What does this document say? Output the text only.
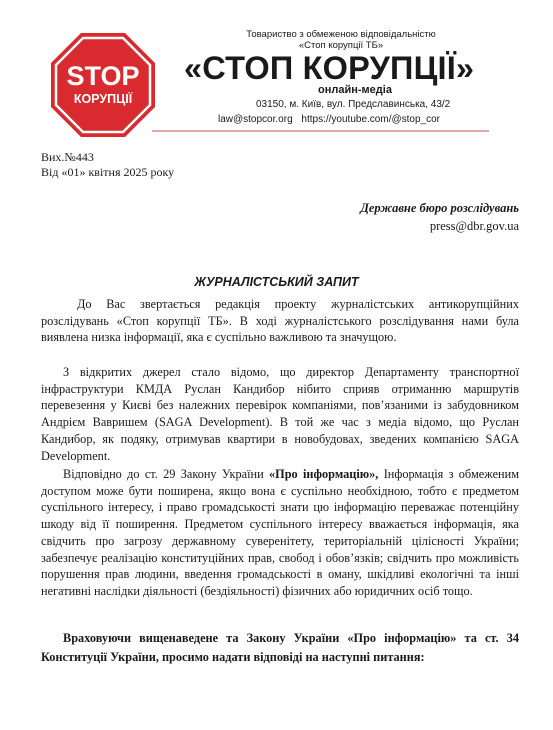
STOP
КОРУПЦІЇ
Товариство з обмеженою відповідальністю
«Стоп корупції ТБ»
«СТОП КОРУПЦІЇ»
онлайн-медіа
03150, м. Київ, вул. Предславинська, 43/2
law@stopcor.org https://youtube.com/@stop_cor
Вих.№443
Від «01» квітня 2025 року
Державне бюро розслідувань
press@dbr.gov.ua
ЖУРНАЛІСТСЬКИЙ ЗАПИТ

До Вас звертається редакція проекту журналістських антикорупційних розслідувань «Стоп корупції ТБ». В ході журналістського розслідування нами була виявлена низка інформації, яка є суспільно важливою та значущою.

З відкритих джерел стало відомо, що директор Департаменту транспортної інфраструктури КМДА Руслан Кандибор нібито сприяв отриманню маршрутів перевезення у Києві без належних перевірок компаніями, пов’язаними із забудовником Андрієм Вавришем (SAGA Development). В той же час з медіа відомо, що Руслан Кандибор, як подяку, отримував квартири в новобудовах, зведених компанією SAGA Development.

Відповідно до ст. 29 Закону України «Про інформацію», Інформація з обмеженим доступом може бути поширена, якщо вона є суспільно необхідною, тобто є предметом суспільного інтересу, і право громадськості знати цю інформацію переважає потенційну шкоду від її поширення. Предметом суспільного інтересу вважається інформація, яка свідчить про загрозу державному суверенітету, територіальній цілісності України; забезпечує реалізацію конституційних прав, свобод і обов’язків; свідчить про можливість порушення прав людини, введення громадськості в оману, шкідливі екологічні та інші негативні наслідки діяльності (бездіяльності) фізичних або юридичних осіб тощо.

Враховуючи вищенаведене та Закону України «Про інформацію» та ст. 34 Конституції України, просимо надати відповіді на наступні питання:
